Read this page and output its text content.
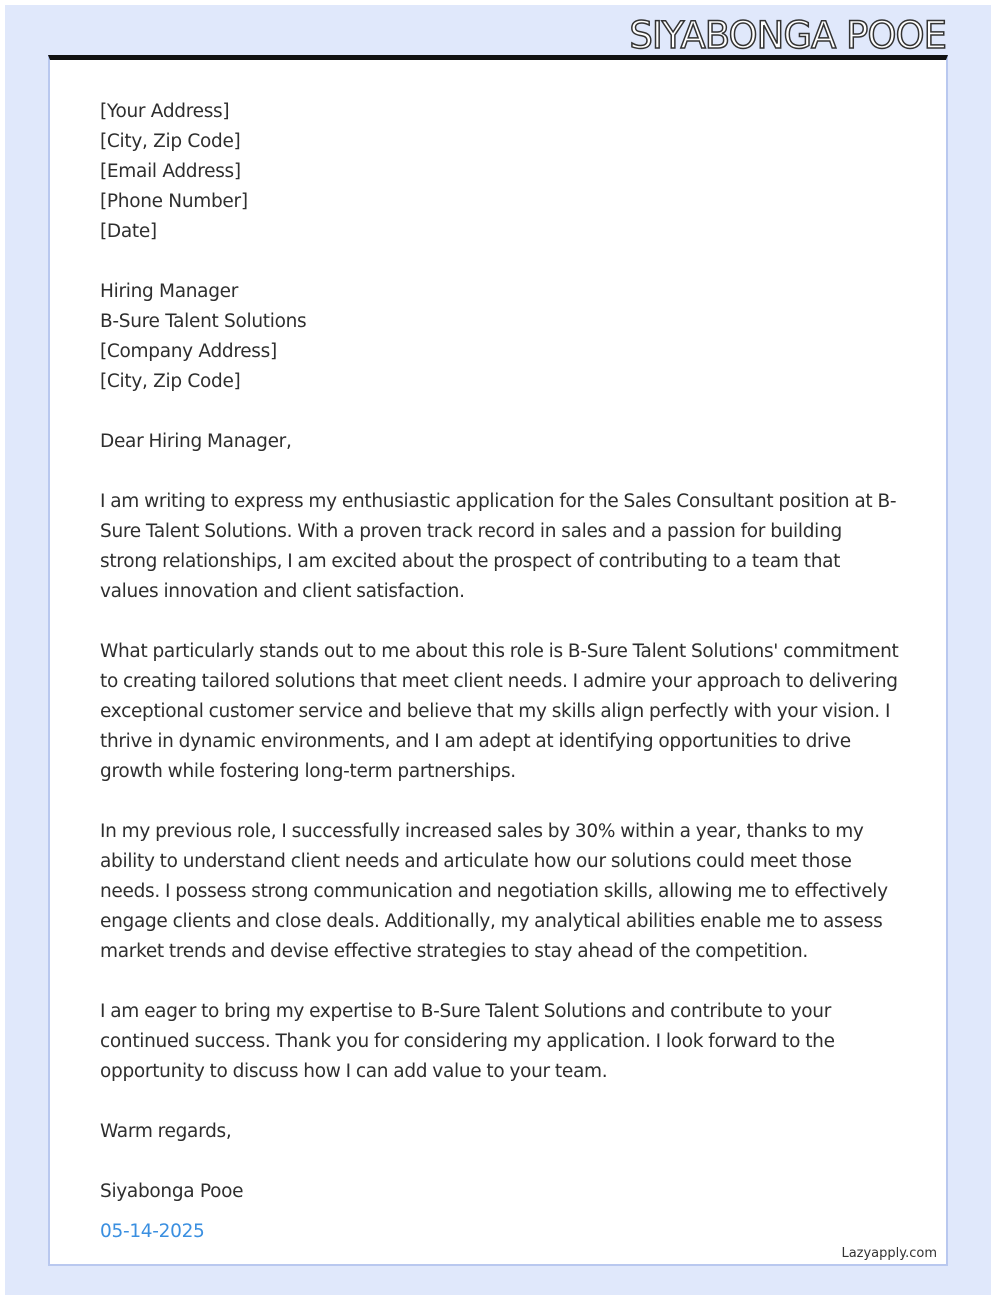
SIYABONGA POOE
[Your Address]
[City, Zip Code]
[Email Address]
[Phone Number]
[Date]
Hiring Manager
B-Sure Talent Solutions
[Company Address]
[City, Zip Code]
Dear Hiring Manager,
I am writing to express my enthusiastic application for the Sales Consultant position at B-Sure Talent Solutions. With a proven track record in sales and a passion for building strong relationships, I am excited about the prospect of contributing to a team that values innovation and client satisfaction.
What particularly stands out to me about this role is B-Sure Talent Solutions' commitment to creating tailored solutions that meet client needs. I admire your approach to delivering exceptional customer service and believe that my skills align perfectly with your vision. I thrive in dynamic environments, and I am adept at identifying opportunities to drive growth while fostering long-term partnerships.
In my previous role, I successfully increased sales by 30% within a year, thanks to my ability to understand client needs and articulate how our solutions could meet those needs. I possess strong communication and negotiation skills, allowing me to effectively engage clients and close deals. Additionally, my analytical abilities enable me to assess market trends and devise effective strategies to stay ahead of the competition.
I am eager to bring my expertise to B-Sure Talent Solutions and contribute to your continued success. Thank you for considering my application. I look forward to the opportunity to discuss how I can add value to your team.
Warm regards,
Siyabonga Pooe
05-14-2025
Lazyapply.com
